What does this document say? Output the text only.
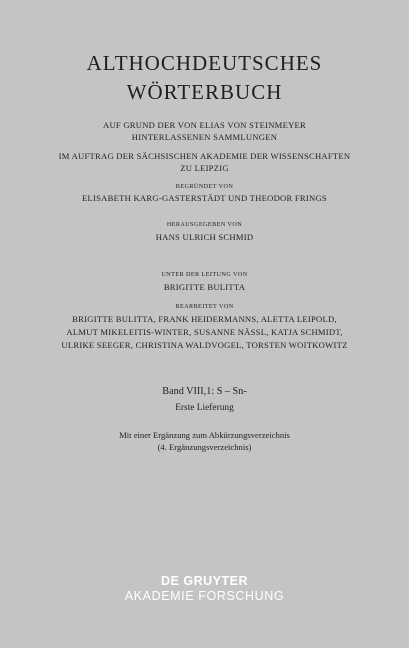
ALTHOCHDEUTSCHES
WÖRTERBUCH
AUF GRUND DER VON ELIAS VON STEINMEYER
HINTERLASSENEN SAMMLUNGEN
IM AUFTRAG DER SÄCHSISCHEN AKADEMIE DER WISSENSCHAFTEN
ZU LEIPZIG
BEGRÜNDET VON
ELISABETH KARG-GASTERSTÄDT UND THEODOR FRINGS
HERAUSGEGEBEN VON
HANS ULRICH SCHMID
UNTER DER LEITUNG VON
BRIGITTE BULITTA
BEARBEITET VON
BRIGITTE BULITTA, FRANK HEIDERMANNS, ALETTA LEIPOLD,
ALMUT MIKELEITIS-WINTER, SUSANNE NÄSSL, KATJA SCHMIDT,
ULRIKE SEEGER, CHRISTINA WALDVOGEL, TORSTEN WOITKOWITZ
Band VIII,1: S – Sn-
Erste Lieferung
Mit einer Ergänzung zum Abkürzungsverzeichnis
(4. Ergänzungsverzeichnis)
DE GRUYTER
AKADEMIE FORSCHUNG
